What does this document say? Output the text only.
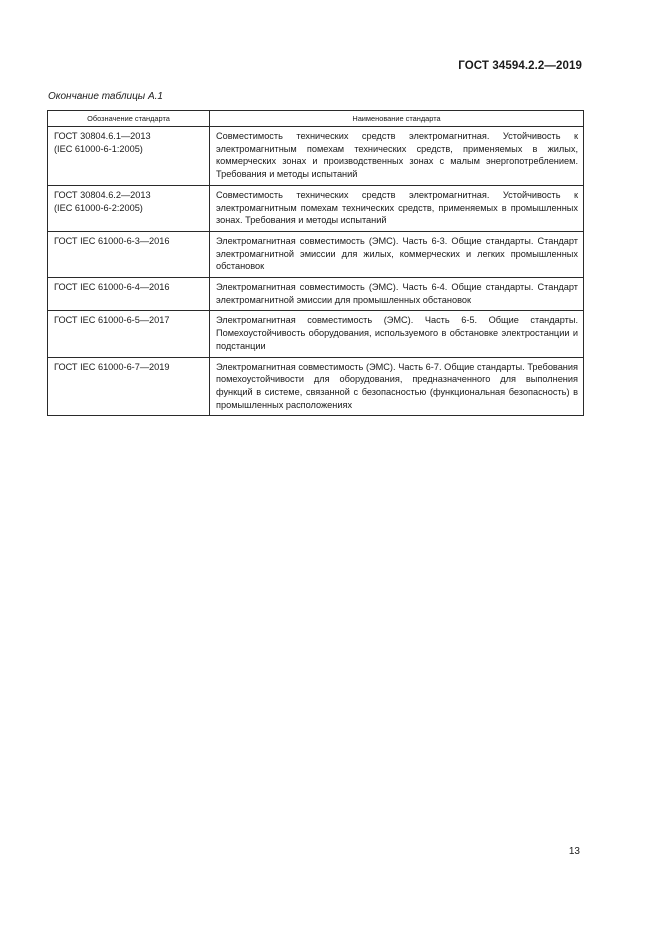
ГОСТ 34594.2.2—2019
Окончание таблицы А.1
Обозначение стандарта	Наименование стандарта

ГОСТ 30804.6.1—2013
(IEC 61000-6-1:2005)	Совместимость технических средств электромагнитная. Устойчивость к электромагнитным помехам технических средств, применяемых в жилых, коммерческих зонах и производственных зонах с малым энергопотреблением. Требования и методы испытаний

ГОСТ 30804.6.2—2013
(IEC 61000-6-2:2005)	Совместимость технических средств электромагнитная. Устойчивость к электромагнитным помехам технических средств, применяемых в промышленных зонах. Требования и методы испытаний

ГОСТ IEC 61000-6-3—2016	Электромагнитная совместимость (ЭМС). Часть 6-3. Общие стандарты. Стандарт электромагнитной эмиссии для жилых, коммерческих и легких промышленных обстановок

ГОСТ IEC 61000-6-4—2016	Электромагнитная совместимость (ЭМС). Часть 6-4. Общие стандарты. Стандарт электромагнитной эмиссии для промышленных обстановок

ГОСТ IEC 61000-6-5—2017	Электромагнитная совместимость (ЭМС). Часть 6-5. Общие стандарты. Помехоустойчивость оборудования, используемого в обстановке электростанции и подстанции

ГОСТ IEC 61000-6-7—2019	Электромагнитная совместимость (ЭМС). Часть 6-7. Общие стандарты. Требования помехоустойчивости для оборудования, предназначенного для выполнения функций в системе, связанной с безопасностью (функциональная безопасность) в промышленных расположениях
13
